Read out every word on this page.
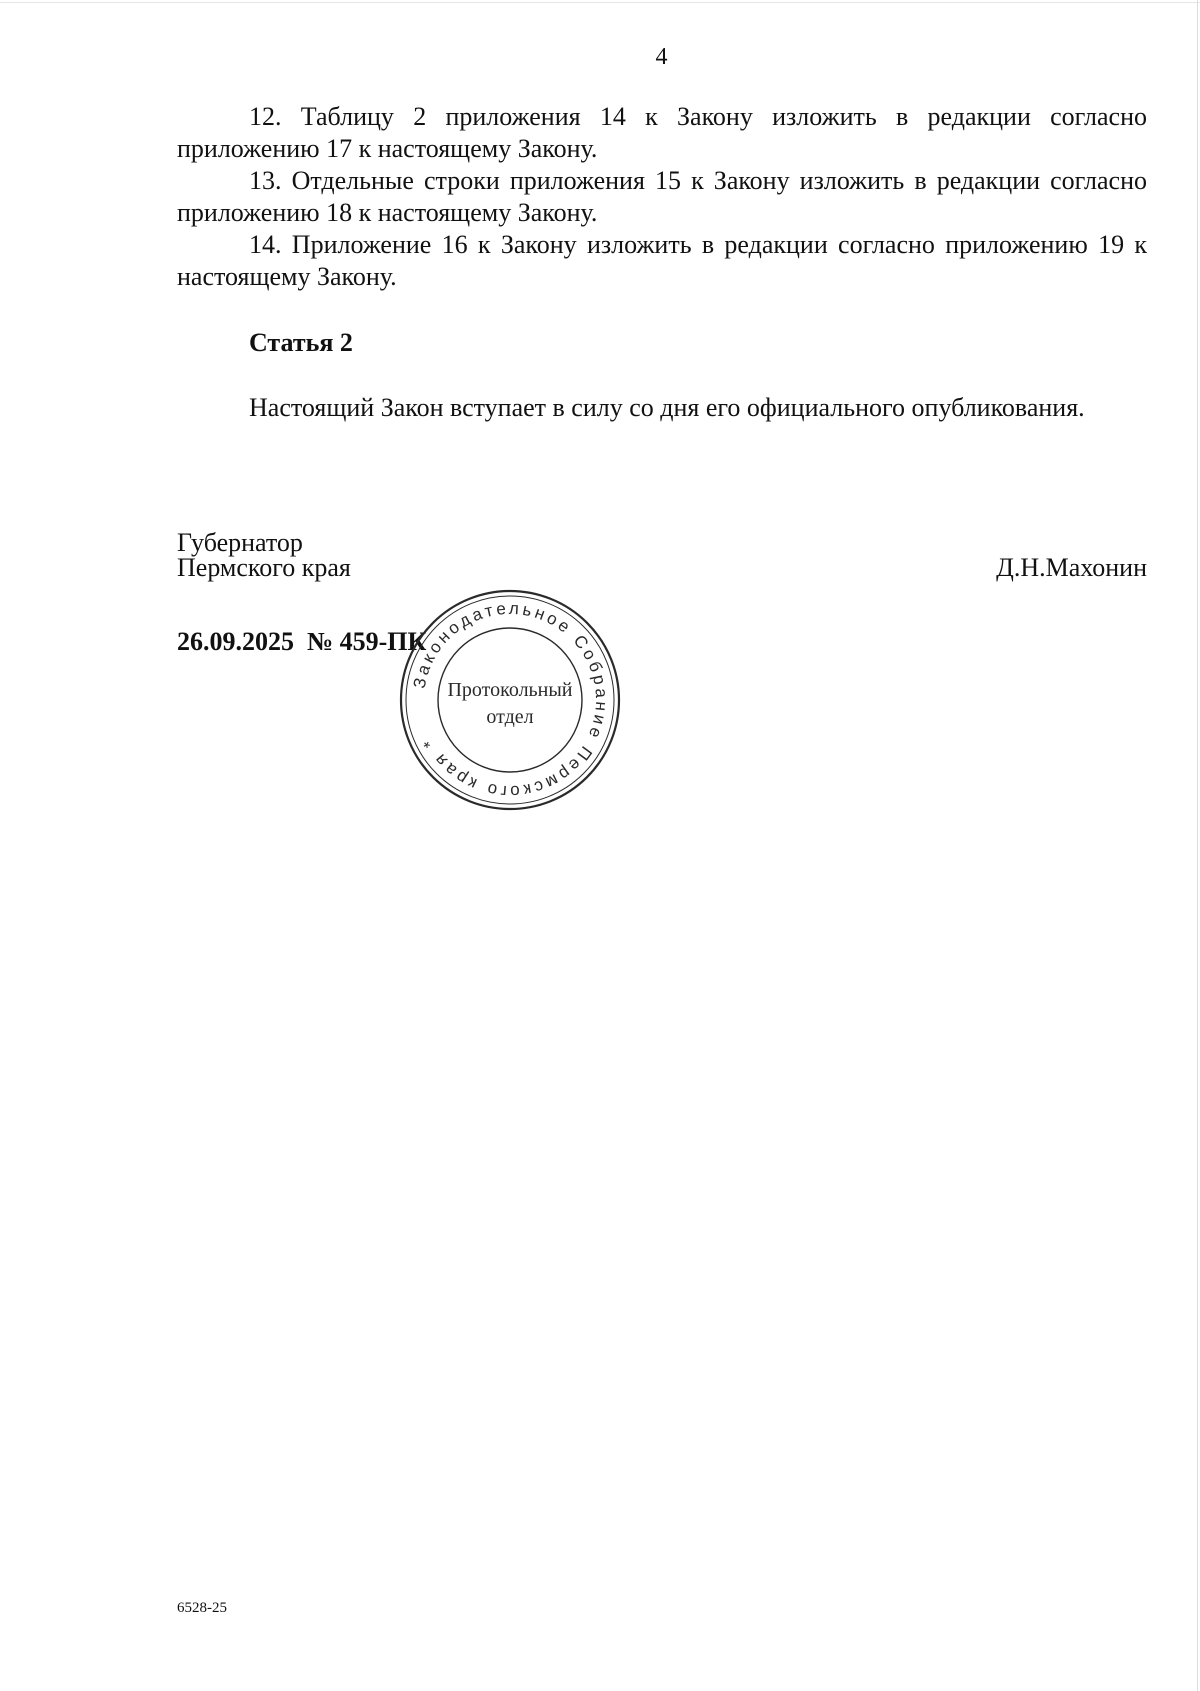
4

12. Таблицу 2 приложения 14 к Закону изложить в редакции согласно приложению 17 к настоящему Закону.

13. Отдельные строки приложения 15 к Закону изложить в редакции согласно приложению 18 к настоящему Закону.

14. Приложение 16 к Закону изложить в редакции согласно приложению 19 к настоящему Закону.

Статья 2

Настоящий Закон вступает в силу со дня его официального опубликования.

Губернатор
Пермского края	Д.Н.Махонин
26.09.2025  № 459-ПК
Законодательное Собрание Пермского края *
Протокольный
отдел
6528-25
